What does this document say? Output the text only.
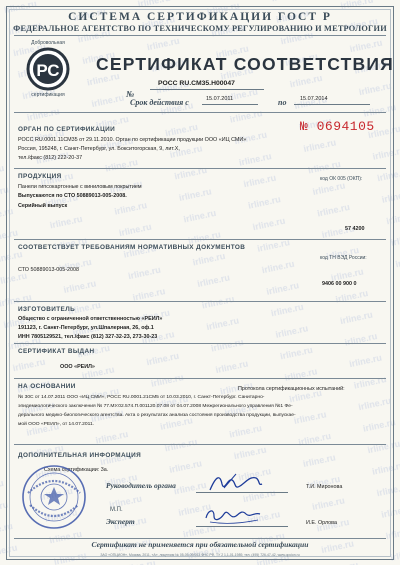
СИСТЕМА СЕРТИФИКАЦИИ ГОСТ Р
ФЕДЕРАЛЬНОЕ АГЕНТСТВО ПО ТЕХНИЧЕСКОМУ РЕГУЛИРОВАНИЮ И МЕТРОЛОГИИ
Добровольная
РС
сертификация
СЕРТИФИКАТ СООТВЕТСТВИЯ
№
РОСС RU.СМ35.Н00047
Срок действия с	15.07.2011	по 15.07.2014
№ 0694105
ОРГАН ПО СЕРТИФИКАЦИИ
РОСС RU.0001.11СМ35 от 29.11.2010. Орган по сертификации продукции ООО «ИЦ СМИ»
Россия, 195248, г. Санкт-Петербург, ул. Бокситогорская, 9, лит.Х,
тел./факс (812) 222-20-37
ПРОДУКЦИЯ	код ОК 005 (ОКП):
Панели гипсокартонные с виниловым покрытием
Выпускаются по СТО 50889013-005-2008.
Серийный выпуск
57 4200
СООТВЕТСТВУЕТ ТРЕБОВАНИЯМ НОРМАТИВНЫХ ДОКУМЕНТОВ
код ТН ВЭД России:
СТО 50889013-005-2008
9406 00 900 0
ИЗГОТОВИТЕЛЬ
Общество с ограниченной ответственностью «РЕИЛ»
191123, г. Санкт-Петербург, ул.Шпалерная, 26, оф.1
ИНН 7805129521, тел./факс (812) 327-32-23, 273-30-23
СЕРТИФИКАТ ВЫДАН
ООО «РЕИЛ»
НА ОСНОВАНИИ	Протокола сертификационных испытаний:
№ 30С от 14.07.2011 ООО «ИЦ СМИ», РОСС RU.0001.21СМ5 от 10.03.2010, г. Санкт-Петербург. Санитарно-
эпидемиологического заключения № 77.МУ.02.574.П.001120.07.08 от 04.07.2008 Межрегионального управления №1 Фе-
дерального медико-биологического агентства. Акта о результатах анализа состояния производства продукции, выпускае-
мой ООО «РЕИЛ», от 14.07.2011.
ДОПОЛНИТЕЛЬНАЯ ИНФОРМАЦИЯ
Схема сертификации: 3а.
М.П.
Руководитель органа	Т.И. Миронова
Эксперт	И.Е. Орлова
Сертификат не применяется при обязательной сертификации
ЗАО «ОПЦИОН», Москва, 2011, «А», лицензия № 05-05-09/003 ФНС РФ, ТУ 2 1,1-01-1989, тел. (495) 726-47-42, www.opcion.ru
